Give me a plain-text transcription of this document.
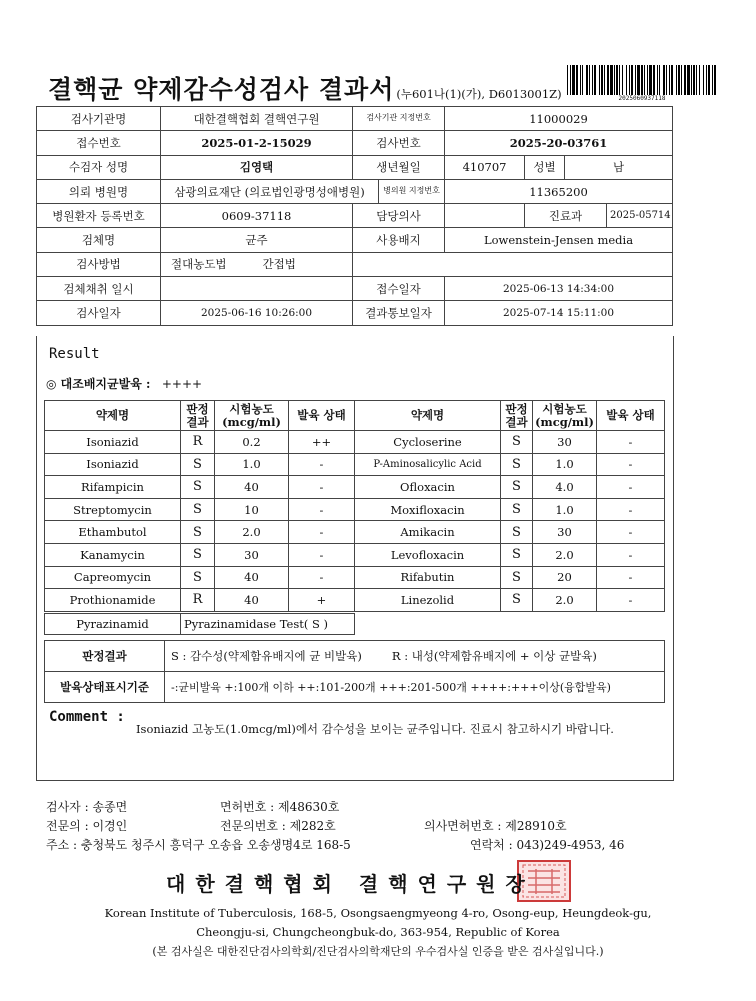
결핵균 약제감수성검사 결과서 (누601나(1)(가), D6013001Z)	2025060937118
검사기관명	대한결핵협회 결핵연구원	검사기관 지정번호		11000029			
접수번호	2025-01-2-15029	검사번호		2025-20-03761			
수검자 성명	김영택	생년월일		410707	성별	남	
의뢰 병원명	삼광의료재단 (의료법인광명성애병원)		병의원 지정번호	11365200			
병원환자 등록번호	0609-37118	담당의사			진료과		2025-05714
검체명	균주	사용배지		Lowenstein-Jensen media			
검사방법	절대농도법 간접법						
검체채취 일시		접수일자		2025-06-13 14:34:00			
검사일자	2025-06-16 10:26:00	결과통보일자		2025-07-14 15:11:00			
Result
◎ 대조배지균발육 : ++++
약제명	판정 결과	시험농도 (mcg/ml)	발육 상태	약제명	판정 결과	시험농도 (mcg/ml)	발육 상태
Isoniazid	R	0.2	++	Cycloserine	S	30	-
Isoniazid	S	1.0	-	P-Aminosalicylic Acid	S	1.0	-
Rifampicin	S	40	-	Ofloxacin	S	4.0	-
Streptomycin	S	10	-	Moxifloxacin	S	1.0	-
Ethambutol	S	2.0	-	Amikacin	S	30	-
Kanamycin	S	30	-	Levofloxacin	S	2.0	-
Capreomycin	S	40	-	Rifabutin	S	20	-
Prothionamide	R	40	+	Linezolid	S	2.0	-
Pyrazinamid	Pyrazinamidase Test( S )
판정결과	S : 감수성(약제함유배지에 균 비발육) R : 내성(약제함유배지에 + 이상 균발육)
발육상태표시기준	-:균비발육 +:100개 이하 ++:101-200개 +++:201-500개 ++++:+++이상(융합발육)
Comment :
Isoniazid 고농도(1.0mcg/ml)에서 감수성을 보이는 균주입니다. 진료시 참고하시기 바랍니다.
검사자 : 송종면	면허번호 : 제48630호
전문의 : 이경인	전문의번호 : 제282호	의사면허번호 : 제28910호
주소 : 충청북도 청주시 흥덕구 오송읍 오송생명4로 168-5	연락처 : 043)249-4953, 46
대한결핵협회 결핵연구원장
Korean Institute of Tuberculosis, 168-5, Osongsaengmyeong 4-ro, Osong-eup, Heungdeok-gu,
Cheongju-si, Chungcheongbuk-do, 363-954, Republic of Korea
(본 검사실은 대한진단검사의학회/진단검사의학재단의 우수검사실 인증을 받은 검사실입니다.)
